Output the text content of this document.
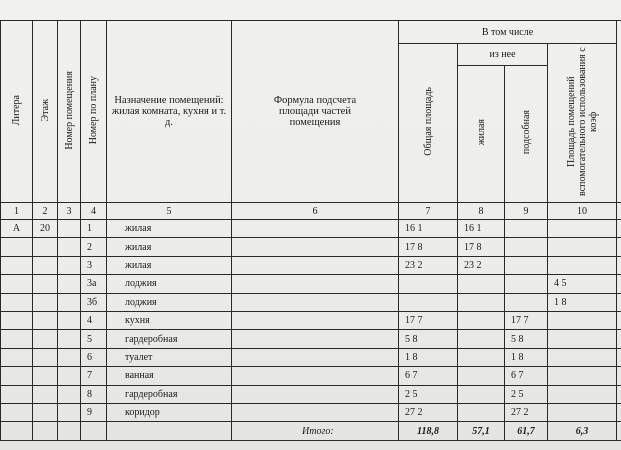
Литера	Этаж	Номер помещения	Номер по плану	Назначение помещений: жилая комната, кухня и т. д.	Формула подсчета площади частей помещения	В том числе				
						Общая площадь	из нее		Площадь помещений вспомогательного использования с коэф	
							жилая	подсобная		
1	2	3	4	5	6	7	8	9	10	
А	20		1	жилая		16 1	16 1			
			2	жилая		17 8	17 8			
			3	жилая		23 2	23 2			
			3а	лоджия					4 5	
			3б	лоджия					1 8	
			4	кухня		17 7		17 7		
			5	гардеробная		5 8		5 8		
			6	туалет		1 8		1 8		
			7	ванная		6 7		6 7		
			8	гардеробная		2 5		2 5		
			9	коридор		27 2		27 2		
					Итого:	118,8	57,1	61,7	6,3	
